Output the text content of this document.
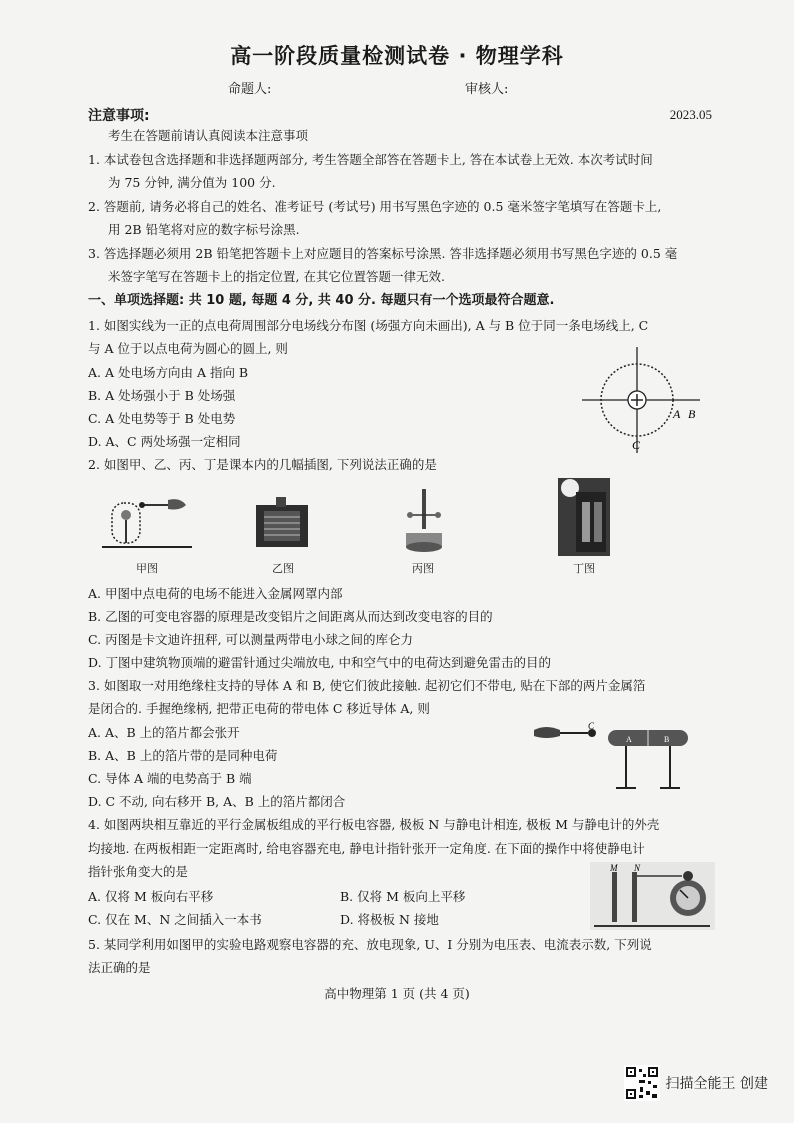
高一阶段质量检测试卷 · 物理学科
命题人:	审核人:
注意事项:	2023.05
考生在答题前请认真阅读本注意事项
1. 本试卷包含选择题和非选择题两部分, 考生答题全部答在答题卡上, 答在本试卷上无效. 本次考试时间
为 75 分钟, 满分值为 100 分.
2. 答题前, 请务必将自己的姓名、准考证号 (考试号) 用书写黑色字迹的 0.5 毫米签字笔填写在答题卡上,
用 2B 铅笔将对应的数字标号涂黑.
3. 答选择题必须用 2B 铅笔把答题卡上对应题目的答案标号涂黑. 答非选择题必须用书写黑色字迹的 0.5 毫
米签字笔写在答题卡上的指定位置, 在其它位置答题一律无效.
一、单项选择题: 共 10 题, 每题 4 分, 共 40 分. 每题只有一个选项最符合题意.
1. 如图实线为一正的点电荷周围部分电场线分布图 (场强方向未画出), A 与 B 位于同一条电场线上, C
与 A 位于以点电荷为圆心的圆上, 则
A. A 处电场方向由 A 指向 B
B. A 处场强小于 B 处场强
C. A 处电势等于 B 处电势
D. A、C 两处场强一定相同
A B
C
2. 如图甲、乙、丙、丁是课本内的几幅插图, 下列说法正确的是
甲图	乙图	丙图	丁图
A. 甲图中点电荷的电场不能进入金属网罩内部
B. 乙图的可变电容器的原理是改变铝片之间距离从而达到改变电容的目的
C. 丙图是卡文迪许扭秤, 可以测量两带电小球之间的库仑力
D. 丁图中建筑物顶端的避雷针通过尖端放电, 中和空气中的电荷达到避免雷击的目的
3. 如图取一对用绝缘柱支持的导体 A 和 B, 使它们彼此接触. 起初它们不带电, 贴在下部的两片金属箔
是闭合的. 手握绝缘柄, 把带正电荷的带电体 C 移近导体 A, 则
A. A、B 上的箔片都会张开
B. A、B 上的箔片带的是同种电荷
C. 导体 A 端的电势高于 B 端
D. C 不动, 向右移开 B, A、B 上的箔片都闭合
C
A	B
4. 如图两块相互靠近的平行金属板组成的平行板电容器, 极板 N 与静电计相连, 极板 M 与静电计的外壳
均接地. 在两板相距一定距离时, 给电容器充电, 静电计指针张开一定角度. 在下面的操作中将使静电计
指针张角变大的是
A. 仅将 M 板向右平移	B. 仅将 M 板向上平移
C. 仅在 M、N 之间插入一本书	D. 将极板 N 接地
M N
5. 某同学利用如图甲的实验电路观察电容器的充、放电现象, U、I 分别为电压表、电流表示数, 下列说
法正确的是
高中物理第 1 页 (共 4 页)
扫描全能王 创建
